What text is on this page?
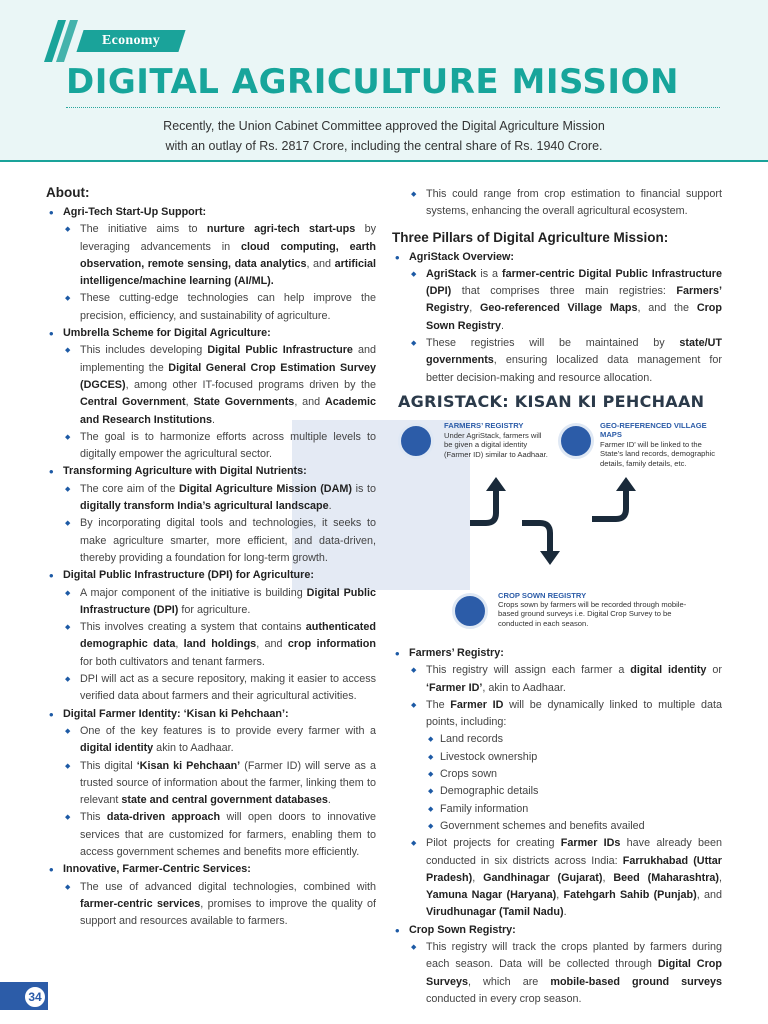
Economy
DIGITAL AGRICULTURE MISSION
Recently, the Union Cabinet Committee approved the Digital Agriculture Mission
with an outlay of Rs. 2817 Crore, including the central share of Rs. 1940 Crore.
About:
• Agri-Tech Start-Up Support:
◆ The initiative aims to nurture agri-tech start-ups by leveraging advancements in cloud computing, earth observation, remote sensing, data analytics, and artificial intelligence/machine learning (AI/ML).
◆ These cutting-edge technologies can help improve the precision, efficiency, and sustainability of agriculture.
• Umbrella Scheme for Digital Agriculture:
◆ This includes developing Digital Public Infrastructure and implementing the Digital General Crop Estimation Survey (DGCES), among other IT-focused programs driven by the Central Government, State Governments, and Academic and Research Institutions.
◆ The goal is to harmonize efforts across multiple levels to digitally empower the agricultural sector.
• Transforming Agriculture with Digital Nutrients:
◆ The core aim of the Digital Agriculture Mission (DAM) is to digitally transform India’s agricultural landscape.
◆ By incorporating digital tools and technologies, it seeks to make agriculture smarter, more efficient, and data-driven, thereby providing a foundation for long-term growth.
• Digital Public Infrastructure (DPI) for Agriculture:
◆ A major component of the initiative is building Digital Public Infrastructure (DPI) for agriculture.
◆ This involves creating a system that contains authenticated demographic data, land holdings, and crop information for both cultivators and tenant farmers.
◆ DPI will act as a secure repository, making it easier to access verified data about farmers and their agricultural activities.
• Digital Farmer Identity: ‘Kisan ki Pehchaan’:
◆ One of the key features is to provide every farmer with a digital identity akin to Aadhaar.
◆ This digital ‘Kisan ki Pehchaan’ (Farmer ID) will serve as a trusted source of information about the farmer, linking them to relevant state and central government databases.
◆ This data-driven approach will open doors to innovative services that are customized for farmers, enabling them to access government schemes and benefits more efficiently.
• Innovative, Farmer-Centric Services:
◆ The use of advanced digital technologies, combined with farmer-centric services, promises to improve the quality of support and resources available to farmers.
◆ This could range from crop estimation to financial support systems, enhancing the overall agricultural ecosystem.
Three Pillars of Digital Agriculture Mission:
• AgriStack Overview:
◆ AgriStack is a farmer-centric Digital Public Infrastructure (DPI) that comprises three main registries: Farmers’ Registry, Geo-referenced Village Maps, and the Crop Sown Registry.
◆ These registries will be maintained by state/UT governments, ensuring localized data management for better decision-making and resource allocation.
AGRISTACK: KISAN KI PEHCHAAN
FARMERS’ REGISTRY
Under AgriStack, farmers will be given a digital identity (Farmer ID) similar to Aadhaar.
GEO-REFERENCED VILLAGE MAPS
Farmer ID’ will be linked to the State’s land records, demographic details, family details, etc.
CROP SOWN REGISTRY
Crops sown by farmers will be recorded through mobile-based ground surveys i.e. Digital Crop Survey to be conducted in each season.
• Farmers’ Registry:
◆ This registry will assign each farmer a digital identity or ‘Farmer ID’, akin to Aadhaar.
◆ The Farmer ID will be dynamically linked to multiple data points, including:
◆ Land records
◆ Livestock ownership
◆ Crops sown
◆ Demographic details
◆ Family information
◆ Government schemes and benefits availed
◆ Pilot projects for creating Farmer IDs have already been conducted in six districts across India: Farrukhabad (Uttar Pradesh), Gandhinagar (Gujarat), Beed (Maharashtra), Yamuna Nagar (Haryana), Fatehgarh Sahib (Punjab), and Virudhunagar (Tamil Nadu).
• Crop Sown Registry:
◆ This registry will track the crops planted by farmers during each season. Data will be collected through Digital Crop Surveys, which are mobile-based ground surveys conducted in every crop season.
34
